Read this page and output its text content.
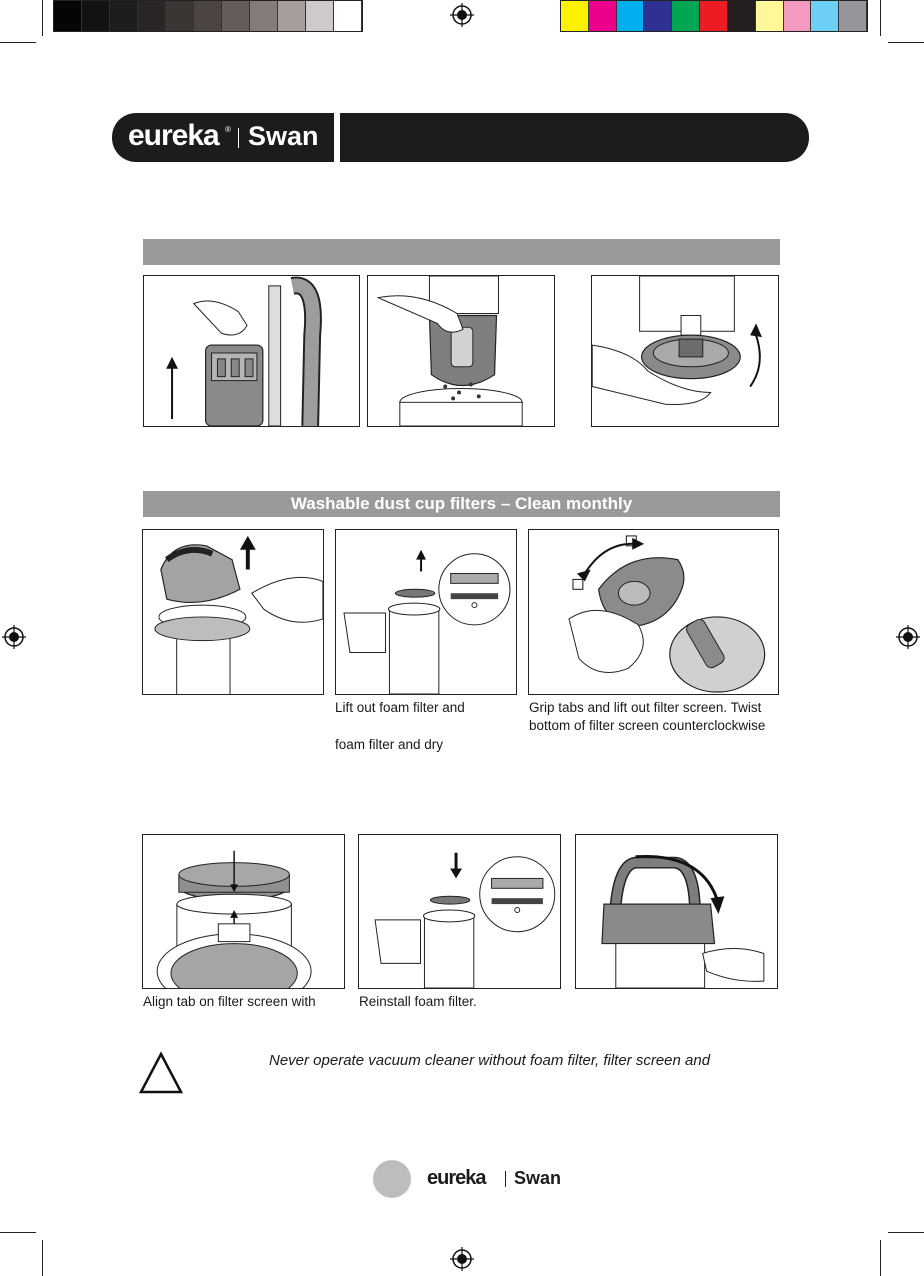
eureka ® Swan
Washable dust cup filters – Clean monthly
Lift out foam filter and
foam filter and dry
Grip tabs and lift out filter screen. Twist
bottom of filter screen counterclockwise
Align tab on filter screen with	Reinstall foam filter.
!
Never operate vacuum cleaner without foam filter, filter screen and
eureka Swan
